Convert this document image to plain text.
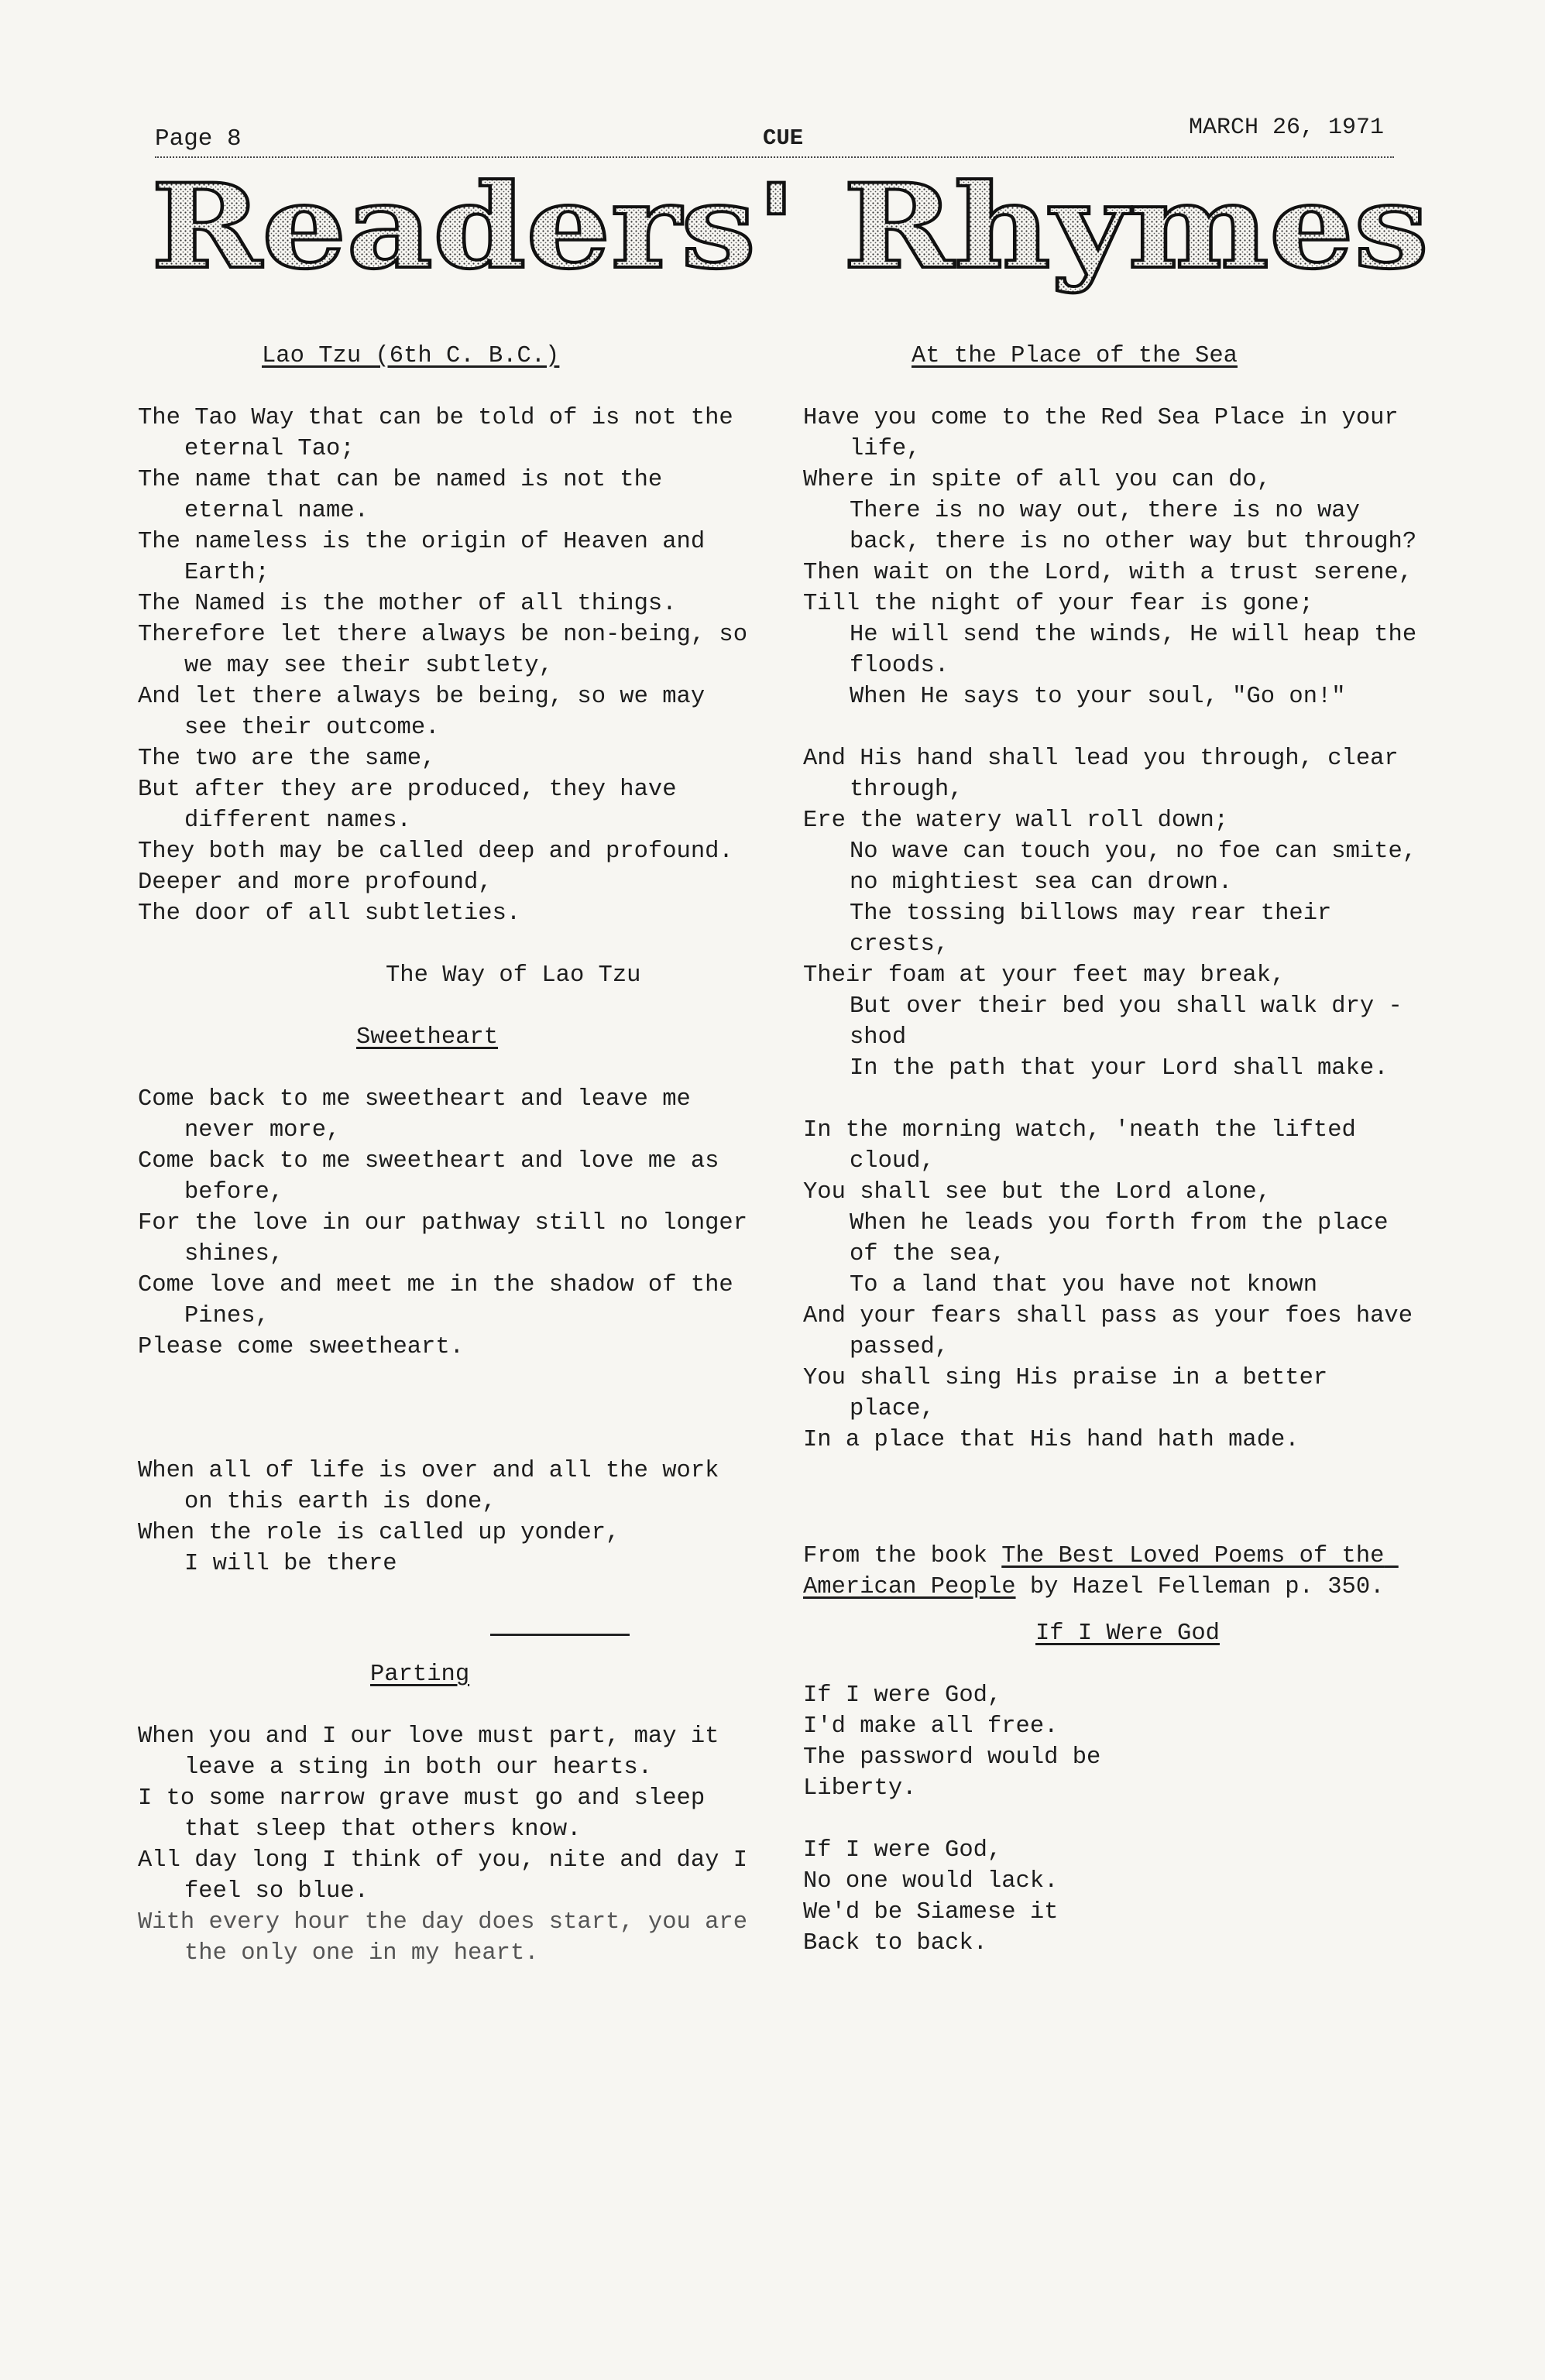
Page 8	CUE	MARCH 26, 1971
Readers' Rhymes
Lao Tzu (6th C. B.C.)
The Tao Way that can be told of is not the eternal Tao;
The name that can be named is not the eternal name.
The nameless is the origin of Heaven and Earth;
The Named is the mother of all things.
Therefore let there always be non-being, so we may see their subtlety,
And let there always be being, so we may see their outcome.
The two are the same,
But after they are produced, they have different names.
They both may be called deep and profound.
Deeper and more profound,
The door of all subtleties.
The Way of Lao Tzu
Sweetheart
Come back to me sweetheart and leave me never more,
Come back to me sweetheart and love me as before,
For the love in our pathway still no longer shines,
Come love and meet me in the shadow of the Pines,
Please come sweetheart.
When all of life is over and all the work on this earth is done,
When the role is called up yonder,
I will be there
Parting
When you and I our love must part, may it leave a sting in both our hearts.
I to some narrow grave must go and sleep that sleep that others know.
All day long I think of you, nite and day I feel so blue.
With every hour the day does start, you are the only one in my heart.
At the Place of the Sea
Have you come to the Red Sea Place in your life,
Where in spite of all you can do,
There is no way out, there is no way back, there is no other way but through?
Then wait on the Lord, with a trust serene,
Till the night of your fear is gone;
He will send the winds, He will heap the floods.
When He says to your soul, "Go on!"
And His hand shall lead you through, clear through,
Ere the watery wall roll down;
No wave can touch you, no foe can smite, no mightiest sea can drown.
The tossing billows may rear their crests,
Their foam at your feet may break,
But over their bed you shall walk dry - shod
In the path that your Lord shall make.
In the morning watch, 'neath the lifted cloud,
You shall see but the Lord alone,
When he leads you forth from the place of the sea,
To a land that you have not known
And your fears shall pass as your foes have passed,
You shall sing His praise in a better place,
In a place that His hand hath made.
From the book The Best Loved Poems of the American People by Hazel Felleman p. 350.
If I Were God
If I were God,
I'd make all free.
The password would be
Liberty.
If I were God,
No one would lack.
We'd be Siamese it
Back to back.
